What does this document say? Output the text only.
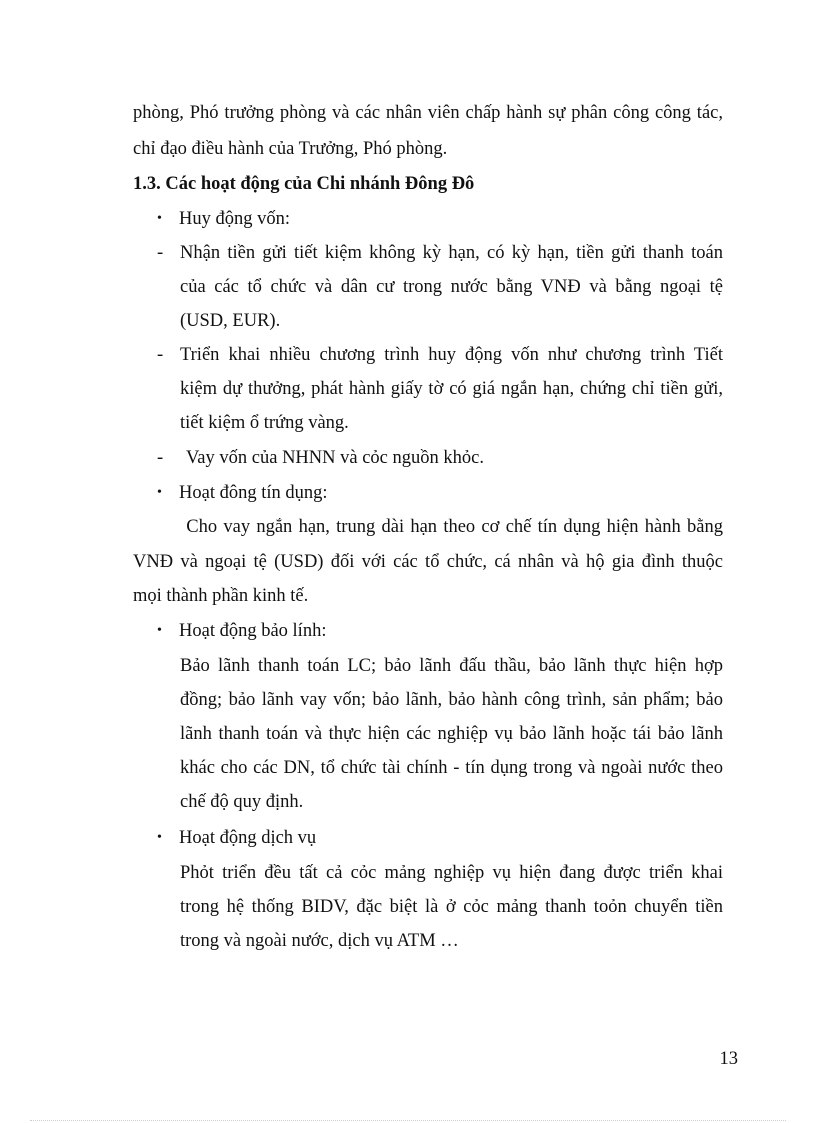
phòng, Phó trưởng phòng và các nhân viên chấp hành sự phân công công tác,
chỉ đạo điều hành của Trưởng, Phó phòng.
1.3. Các hoạt động của Chi nhánh Đông Đô
• Huy động vốn:
- Nhận tiền gửi tiết kiệm không kỳ hạn, có kỳ hạn, tiền gửi thanh toán
của các tổ chức và dân cư trong nước bằng VNĐ và bằng ngoại tệ
(USD, EUR).
- Triển khai nhiều chương trình huy động vốn như chương trình Tiết
kiệm dự thưởng, phát hành giấy tờ có giá ngắn hạn, chứng chỉ tiền gửi,
tiết kiệm ổ trứng vàng.
- Vay vốn của NHNN và cỏc nguồn khỏc.
• Hoạt đông tín dụng:
Cho vay ngắn hạn, trung dài hạn theo cơ chế tín dụng hiện hành bằng
VNĐ và ngoại tệ (USD) đối với các tổ chức, cá nhân và hộ gia đình thuộc
mọi thành phần kinh tế.
• Hoạt động bảo lính:
Bảo lãnh thanh toán LC; bảo lãnh đấu thầu, bảo lãnh thực hiện hợp
đồng; bảo lãnh vay vốn; bảo lãnh, bảo hành công trình, sản phẩm; bảo
lãnh thanh toán và thực hiện các nghiệp vụ bảo lãnh hoặc tái bảo lãnh
khác cho các DN, tổ chức tài chính - tín dụng trong và ngoài nước theo
chế độ quy định.
• Hoạt động dịch vụ
Phỏt triển đều tất cả cỏc mảng nghiệp vụ hiện đang được triển khai
trong hệ thống BIDV, đặc biệt là ở cỏc mảng thanh toỏn chuyển tiền
trong và ngoài nước, dịch vụ ATM …
13
